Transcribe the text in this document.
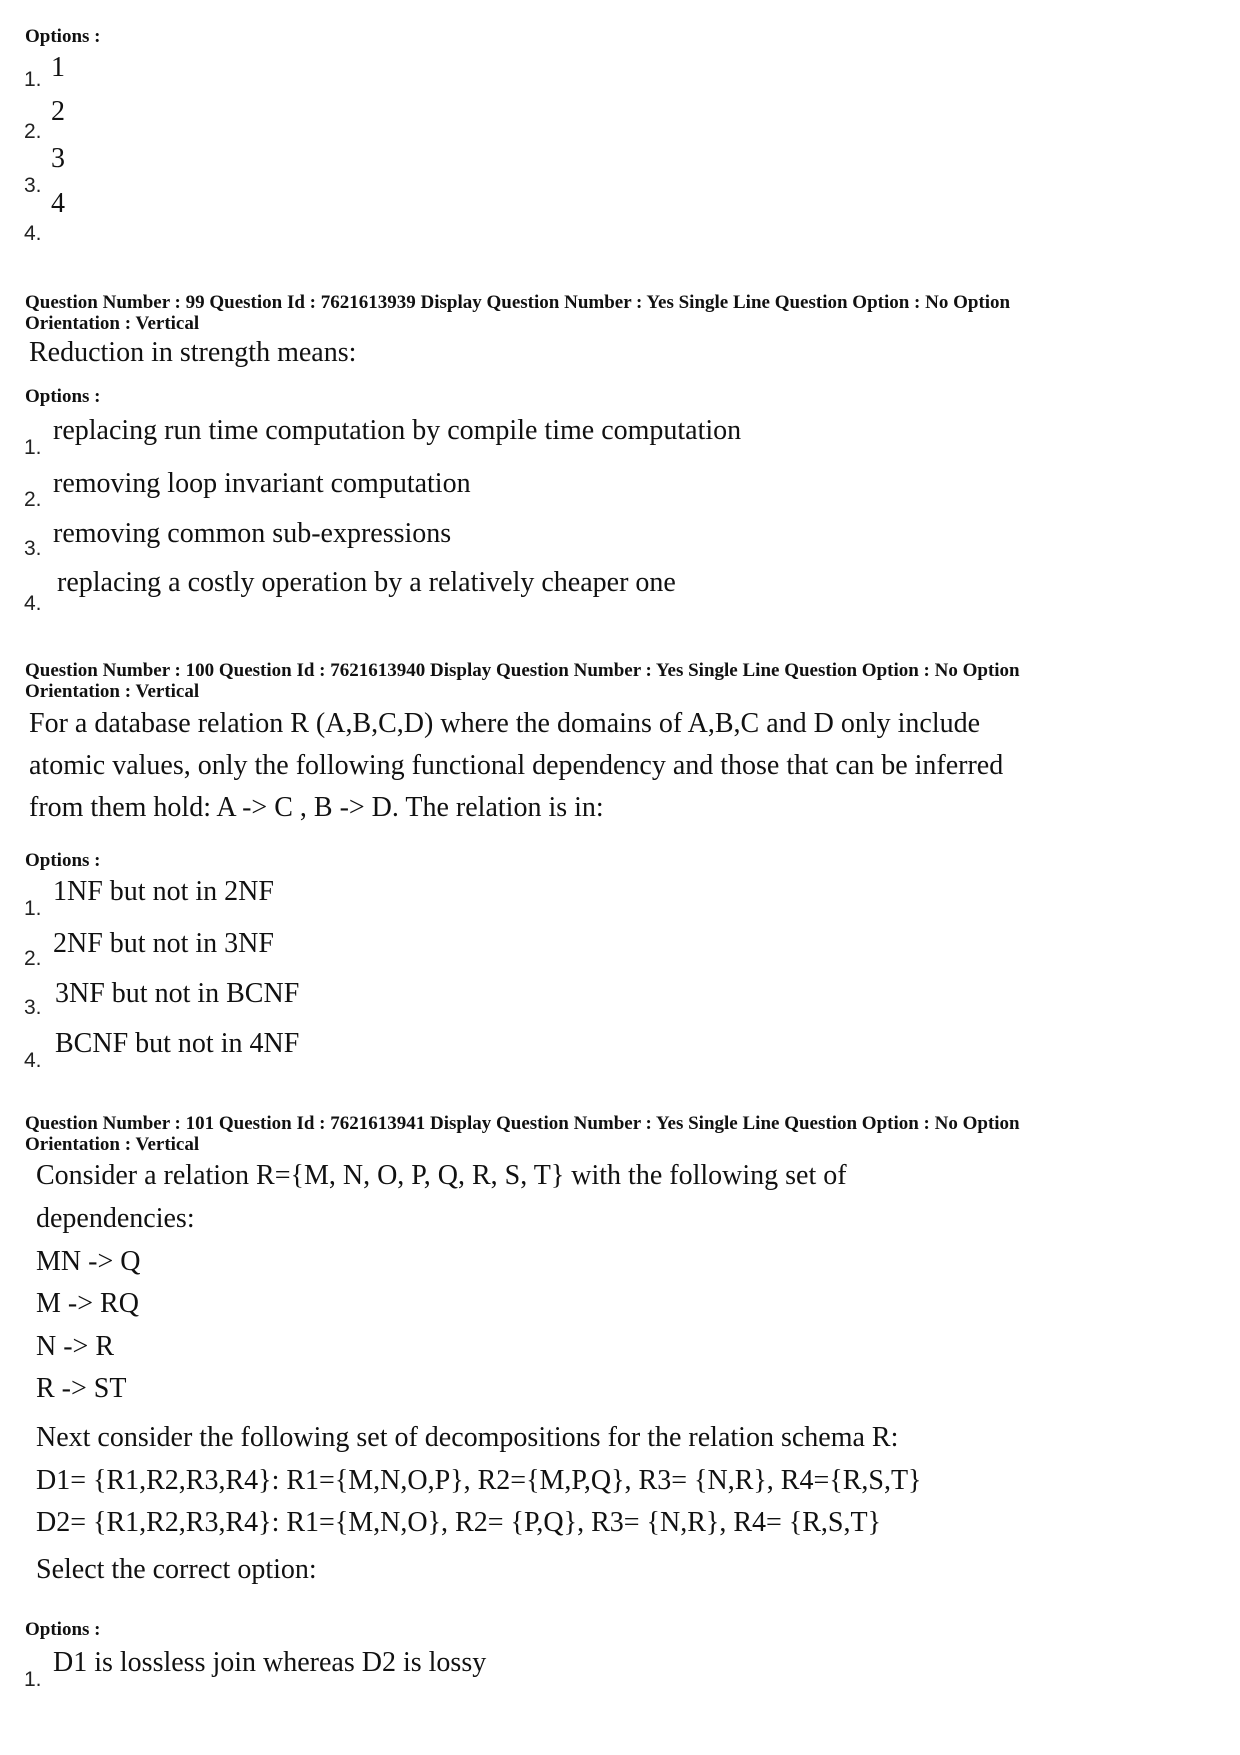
Options :
1. 1
2.
2
3.
3
4.
4
Question Number : 99 Question Id : 7621613939 Display Question Number : Yes Single Line Question Option : No Option
Orientation : Vertical
Reduction in strength means:
Options :
1.
replacing run time computation by compile time computation
2.
removing loop invariant computation
3. removing common sub-expressions
4.
replacing a costly operation by a relatively cheaper one
Question Number : 100 Question Id : 7621613940 Display Question Number : Yes Single Line Question Option : No Option
Orientation : Vertical
For a database relation R (A,B,C,D) where the domains of A,B,C and D only include
atomic values, only the following functional dependency and those that can be inferred
from them hold: A -> C , B -> D. The relation is in:
Options :
1.
1NF but not in 2NF
2. 2NF but not in 3NF
3. 3NF but not in BCNF
4.
BCNF but not in 4NF
Question Number : 101 Question Id : 7621613941 Display Question Number : Yes Single Line Question Option : No Option
Orientation : Vertical
Consider a relation R={M, N, O, P, Q, R, S, T} with the following set of
dependencies:
MN -> Q
M -> RQ
N -> R
R -> ST
Next consider the following set of decompositions for the relation schema R:
D1= {R1,R2,R3,R4}: R1={M,N,O,P}, R2={M,P,Q}, R3= {N,R}, R4={R,S,T}
D2= {R1,R2,R3,R4}: R1={M,N,O}, R2= {P,Q}, R3= {N,R}, R4= {R,S,T}
Select the correct option:
Options :
1.
D1 is lossless join whereas D2 is lossy
